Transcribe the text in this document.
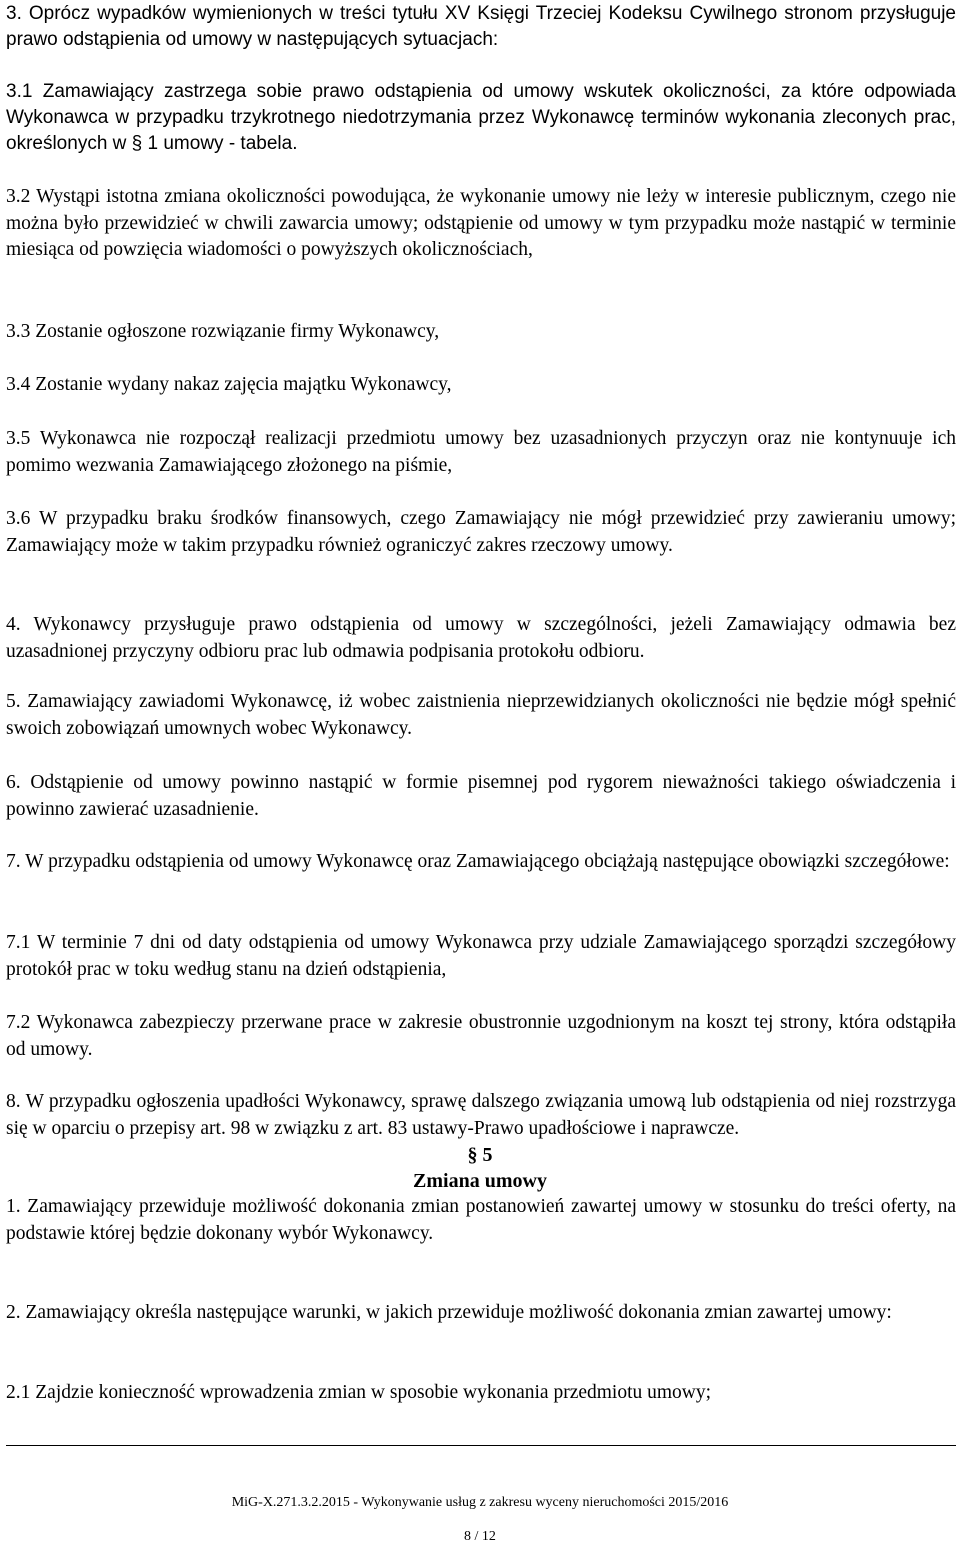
3. Oprócz wypadków wymienionych w treści tytułu XV Księgi Trzeciej Kodeksu Cywilnego stronom przysługuje prawo odstąpienia od umowy w następujących sytuacjach:

3.1 Zamawiający zastrzega sobie prawo odstąpienia od umowy wskutek okoliczności, za które odpowiada Wykonawca w przypadku trzykrotnego niedotrzymania przez Wykonawcę terminów wykonania zleconych prac, określonych w § 1 umowy - tabela.

3.2 Wystąpi istotna zmiana okoliczności powodująca, że wykonanie umowy nie leży w interesie publicznym, czego nie można było przewidzieć w chwili zawarcia umowy; odstąpienie od umowy w tym przypadku może nastąpić w terminie miesiąca od powzięcia wiadomości o powyższych okolicznościach,

3.3 Zostanie ogłoszone rozwiązanie firmy Wykonawcy,

3.4 Zostanie wydany nakaz zajęcia majątku Wykonawcy,

3.5 Wykonawca nie rozpoczął realizacji przedmiotu umowy bez uzasadnionych przyczyn oraz nie kontynuuje ich pomimo wezwania Zamawiającego złożonego na piśmie,

3.6 W przypadku braku środków finansowych, czego Zamawiający nie mógł przewidzieć przy zawieraniu umowy; Zamawiający może w takim przypadku również ograniczyć zakres rzeczowy umowy.

4. Wykonawcy przysługuje prawo odstąpienia od umowy w szczególności, jeżeli Zamawiający odmawia bez uzasadnionej przyczyny odbioru prac lub odmawia podpisania protokołu odbioru.

5. Zamawiający zawiadomi Wykonawcę, iż wobec zaistnienia nieprzewidzianych okoliczności nie będzie mógł spełnić swoich zobowiązań umownych wobec Wykonawcy.

6. Odstąpienie od umowy powinno nastąpić w formie pisemnej pod rygorem nieważności takiego oświadczenia i powinno zawierać uzasadnienie.

7. W przypadku odstąpienia od umowy Wykonawcę oraz Zamawiającego obciążają następujące obowiązki szczegółowe:

7.1 W terminie 7 dni od daty odstąpienia od umowy Wykonawca przy udziale Zamawiającego sporządzi szczegółowy protokół prac w toku według stanu na dzień odstąpienia,

7.2 Wykonawca zabezpieczy przerwane prace w zakresie obustronnie uzgodnionym na koszt tej strony, która odstąpiła od umowy.

8. W przypadku ogłoszenia upadłości Wykonawcy, sprawę dalszego związania umową lub odstąpienia od niej rozstrzyga się w oparciu o przepisy art. 98 w związku z art. 83 ustawy-Prawo upadłościowe i naprawcze.

§ 5

Zmiana umowy

1. Zamawiający przewiduje możliwość dokonania zmian postanowień zawartej umowy w stosunku do treści oferty, na podstawie której będzie dokonany wybór Wykonawcy.

2. Zamawiający określa następujące warunki, w jakich przewiduje możliwość dokonania zmian zawartej umowy:

2.1 Zajdzie konieczność wprowadzenia zmian w sposobie wykonania przedmiotu umowy;

MiG-X.271.3.2.2015 - Wykonywanie usług z zakresu wyceny nieruchomości 2015/2016
8 / 12
